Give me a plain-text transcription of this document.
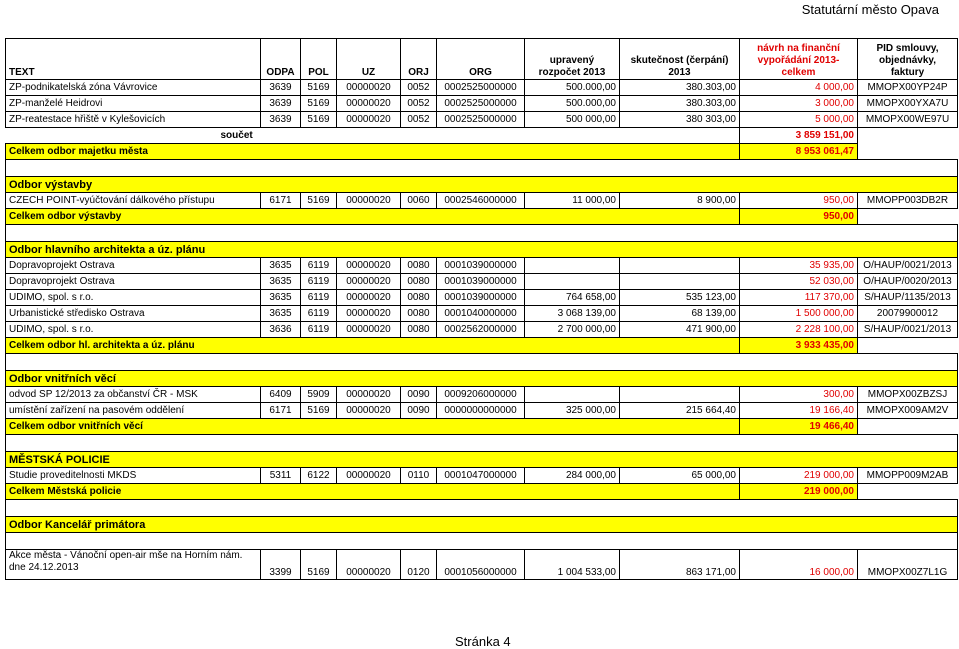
Statutární město Opava
TEXT	ODPA	POL	UZ	ORJ	ORG	upravený rozpočet 2013	skutečnost (čerpání) 2013	návrh na finanční vypořádání 2013-celkem	PID smlouvy, objednávky, faktury
ZP-podnikatelská zóna Vávrovice	3639	5169	00000020	0052	0002525000000	500.000,00	380.303,00	4 000,00	MMOPX00YP24P
ZP-manželé Heidrovi	3639	5169	00000020	0052	0002525000000	500.000,00	380.303,00	3 000,00	MMOPX00YXA7U
ZP-reatestace hřiště v Kylešovicích	3639	5169	00000020	0052	0002525000000	500 000,00	380 303,00	5 000,00	MMOPX00WE97U
součet								3 859 151,00	
Celkem odbor majetku města								8 953 061,47	

Odbor výstavby									
CZECH POINT-vyúčtování dálkového přístupu	6171	5169	00000020	0060	0002546000000	11 000,00	8 900,00	950,00	MMOPP003DB2R
Celkem odbor výstavby								950,00	

Odbor hlavního architekta a úz. plánu									
Dopravoprojekt Ostrava	3635	6119	00000020	0080	0001039000000			35 935,00	O/HAUP/0021/2013
Dopravoprojekt Ostrava	3635	6119	00000020	0080	0001039000000			52 030,00	O/HAUP/0020/2013
UDIMO, spol. s r.o.	3635	6119	00000020	0080	0001039000000	764 658,00	535 123,00	117 370,00	S/HAUP/1135/2013
Urbanistické středisko Ostrava	3635	6119	00000020	0080	0001040000000	3 068 139,00	68 139,00	1 500 000,00	20079900012
UDIMO, spol. s r.o.	3636	6119	00000020	0080	0002562000000	2 700 000,00	471 900,00	2 228 100,00	S/HAUP/0021/2013
Celkem odbor hl. architekta a úz. plánu								3 933 435,00	

Odbor vnitřních věcí									
odvod SP 12/2013 za občanství ČR - MSK	6409	5909	00000020	0090	0009206000000			300,00	MMOPX00ZBZSJ
umístění zařízení na pasovém oddělení	6171	5169	00000020	0090	0000000000000	325 000,00	215 664,40	19 166,40	MMOPX009AM2V
Celkem odbor vnitřních věcí								19 466,40	

MĚSTSKÁ POLICIE									
Studie proveditelnosti MKDS	5311	6122	00000020	0110	0001047000000	284 000,00	65 000,00	219 000,00	MMOPP009M2AB
Celkem Městská policie								219 000,00	

Odbor Kancelář primátora									

Akce města - Vánoční open-air mše na Horním nám. dne 24.12.2013	3399	5169	00000020	0120	0001056000000	1 004 533,00	863 171,00	16 000,00	MMOPX00Z7L1G
Stránka 4
